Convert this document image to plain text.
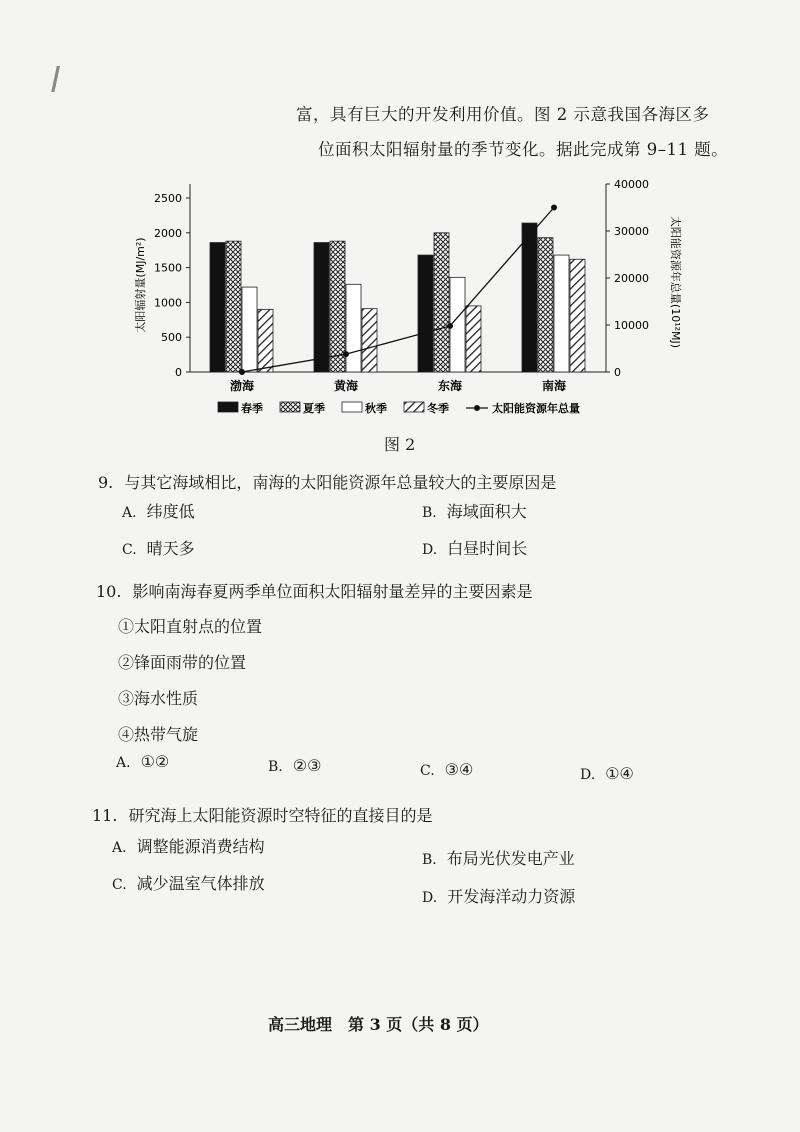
富，具有巨大的开发利用价值。图 2 示意我国各海区多
位面积太阳辐射量的季节变化。据此完成第 9–11 题。
0
500
1000
1500
2000
2500
0
10000
20000
30000
40000
太阳辐射量(MJ/m²)	太阳能资源年总量(10¹²MJ)
渤海	黄海	东海	南海
春季	夏季	秋季	冬季	太阳能资源年总量
图 2
9. 与其它海域相比，南海的太阳能资源年总量较大的主要原因是
A. 纬度低	B. 海域面积大
C. 晴天多	D. 白昼时间长
10. 影响南海春夏两季单位面积太阳辐射量差异的主要因素是
①太阳直射点的位置
②锋面雨带的位置
③海水性质
④热带气旋
A. ①②	B. ②③	C. ③④	D. ①④
11. 研究海上太阳能资源时空特征的直接目的是
A. 调整能源消费结构
B. 布局光伏发电产业
C. 减少温室气体排放
D. 开发海洋动力资源
高三地理　第 3 页（共 8 页）
